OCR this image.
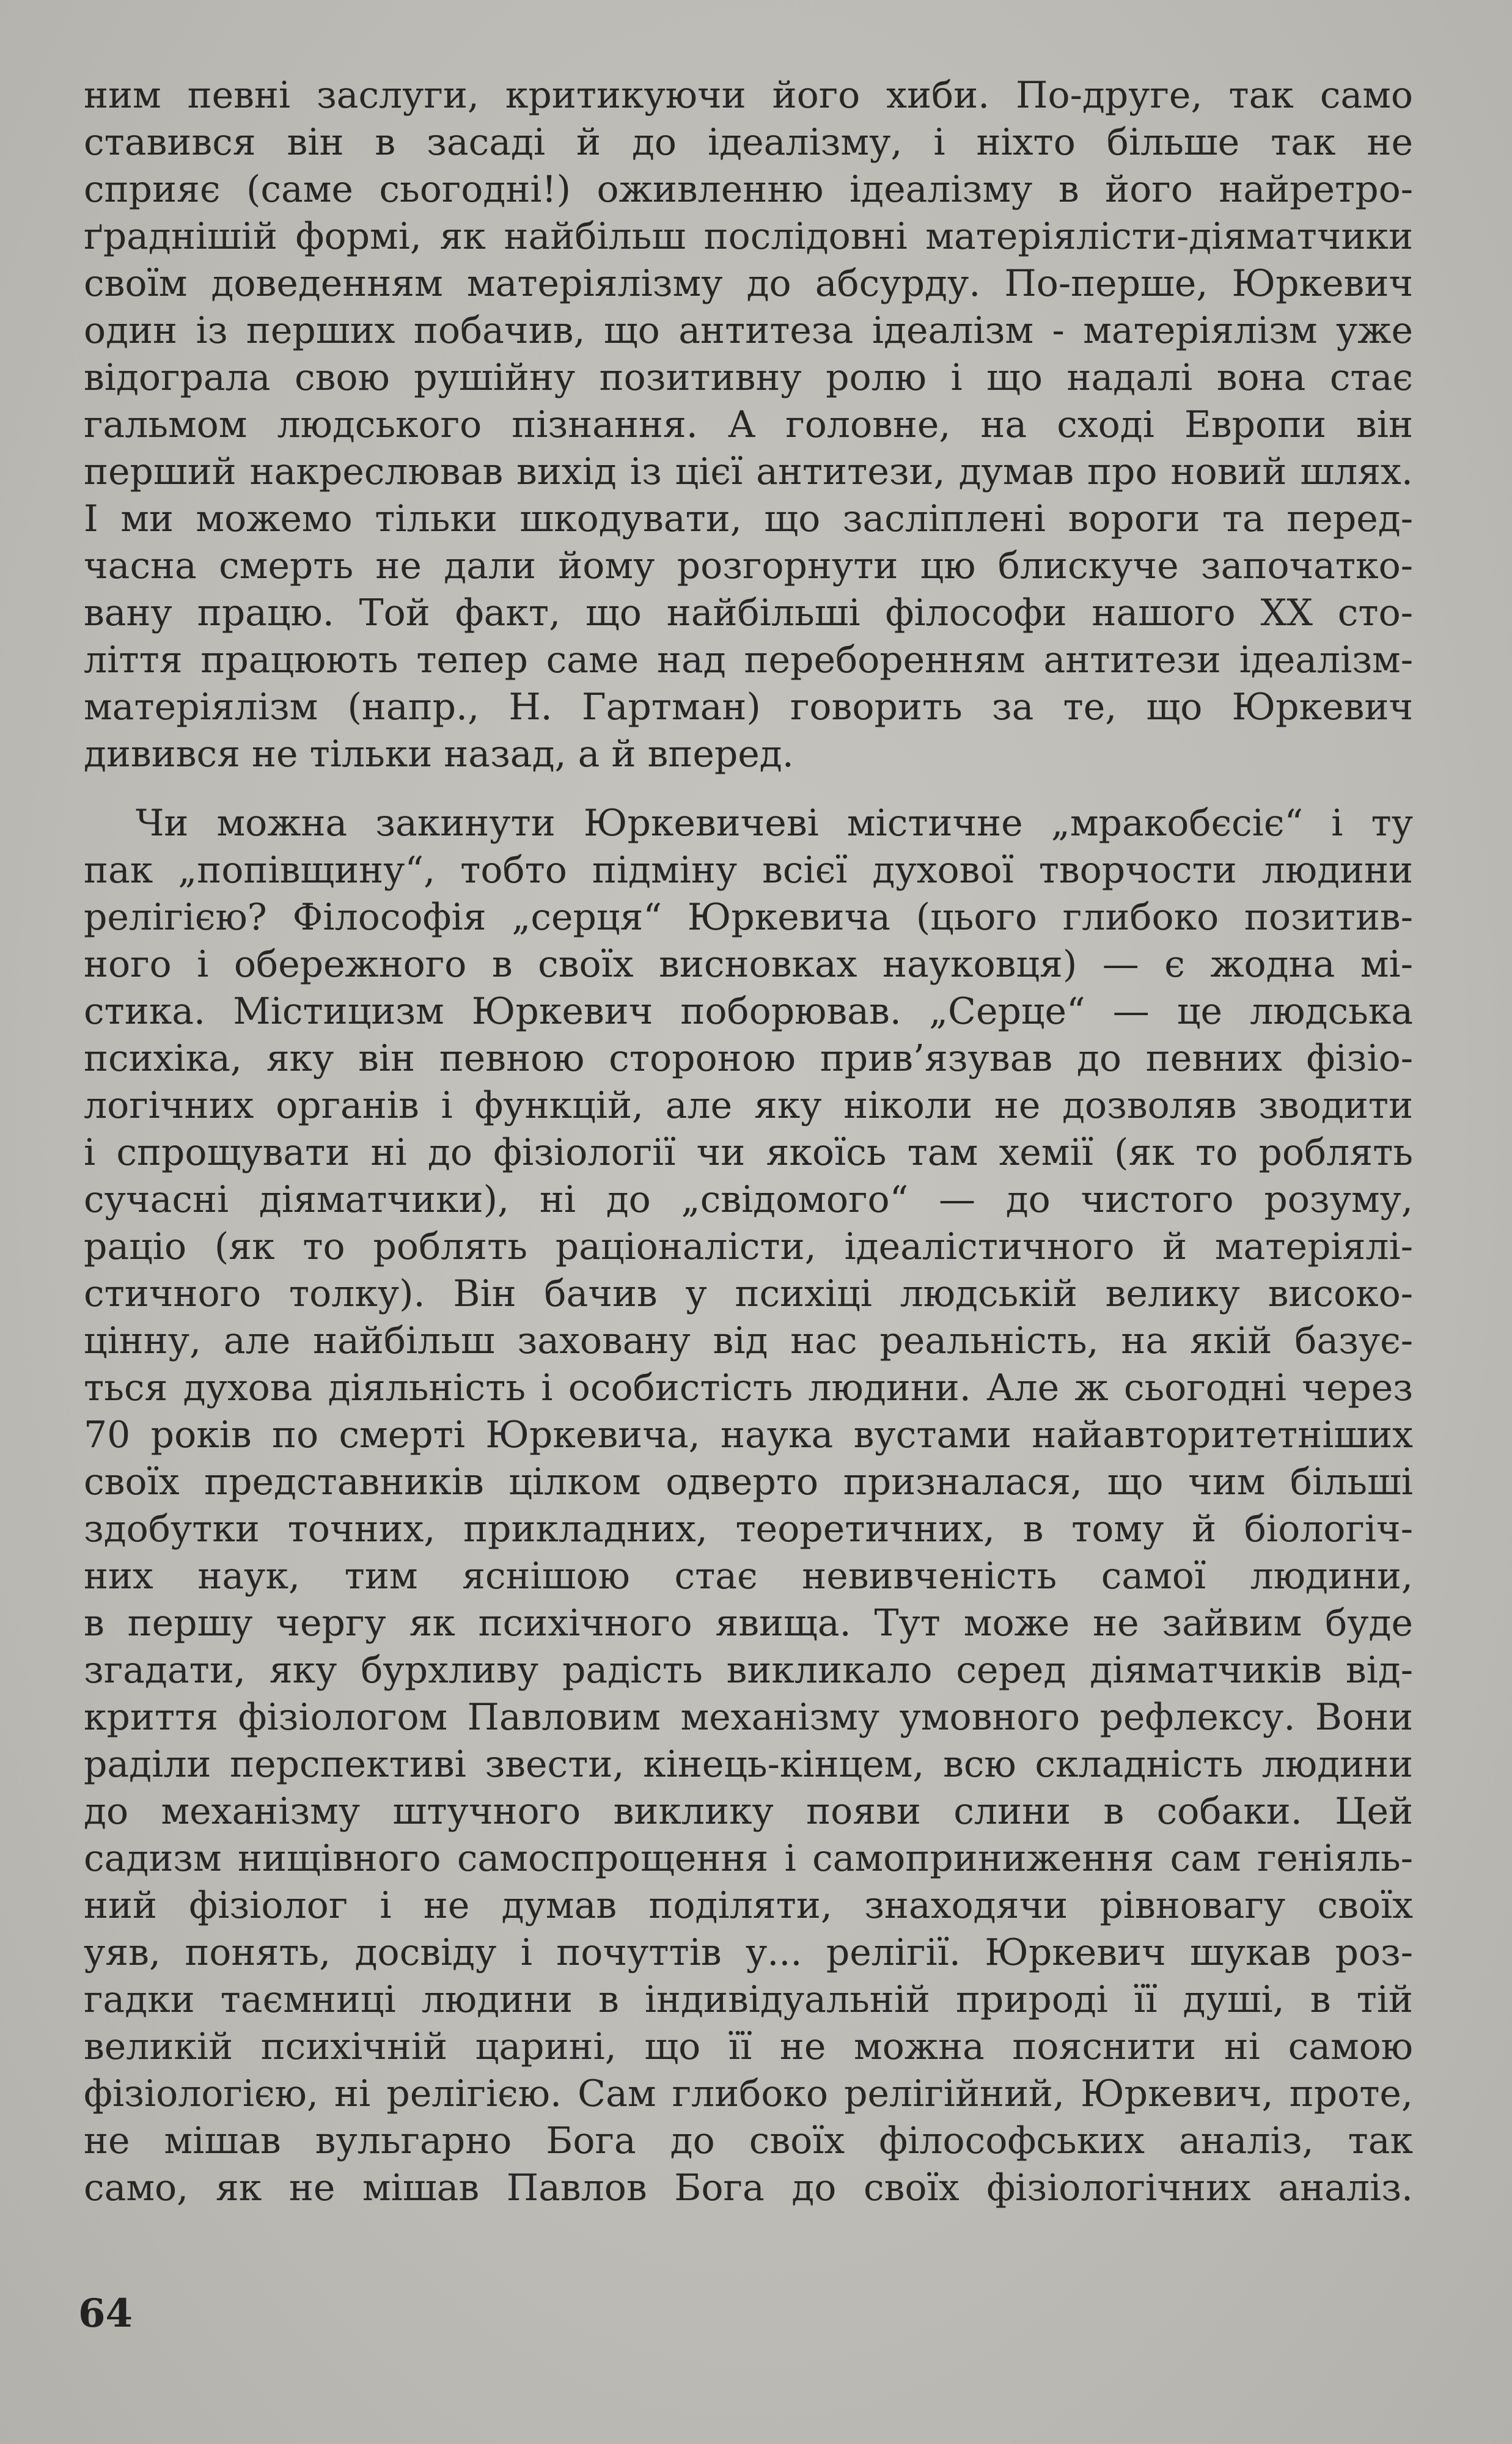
ним певні заслуги, критикуючи його хиби. По-друге, так само
ставився він в засаді й до ідеалізму, і ніхто більше так не
сприяє (саме сьогодні!) оживленню ідеалізму в його найретро-
ґраднішій формі, як найбільш послідовні матеріялісти-діяматчики
своїм доведенням матеріялізму до абсурду. По-перше, Юркевич
один із перших побачив, що антитеза ідеалізм - матеріялізм уже
відограла свою рушійну позитивну ролю і що надалі вона стає
гальмом людського пізнання. А головне, на сході Европи він
перший накреслював вихід із цієї антитези, думав про новий шлях.
І ми можемо тільки шкодувати, що засліплені вороги та перед-
часна смерть не дали йому розгорнути цю блискуче започатко-
вану працю. Той факт, що найбільші філософи нашого XX сто-
ліття працюють тепер саме над переборенням антитези ідеалізм-
матеріялізм (напр., Н. Гартман) говорить за те, що Юркевич
дивився не тільки назад, а й вперед.
Чи можна закинути Юркевичеві містичне „мракобєсіє“ і ту
пак „попівщину“, тобто підміну всієї духової творчости людини
релігією? Філософія „серця“ Юркевича (цього глибоко позитив-
ного і обережного в своїх висновках науковця) — є жодна мі-
стика. Містицизм Юркевич поборював. „Серце“ — це людська
психіка, яку він певною стороною прив’язував до певних фізіо-
логічних органів і функцій, але яку ніколи не дозволяв зводити
і спрощувати ні до фізіології чи якоїсь там хемії (як то роблять
сучасні діяматчики), ні до „свідомого“ — до чистого розуму,
раціо (як то роблять раціоналісти, ідеалістичного й матеріялі-
стичного толку). Він бачив у психіці людській велику високо-
цінну, але найбільш заховану від нас реальність, на якій базує-
ться духова діяльність і особистість людини. Але ж сьогодні через
70 років по смерті Юркевича, наука вустами найавторитетніших
своїх представників цілком одверто призналася, що чим більші
здобутки точних, прикладних, теоретичних, в тому й біологіч-
них наук, тим яснішою стає невивченість самої людини,
в першу чергу як психічного явища. Тут може не зайвим буде
згадати, яку бурхливу радість викликало серед діяматчиків від-
криття фізіологом Павловим механізму умовного рефлексу. Вони
раділи перспективі звести, кінець-кінцем, всю складність людини
до механізму штучного виклику появи слини в собаки. Цей
садизм нищівного самоспрощення і самоприниження сам геніяль-
ний фізіолог і не думав поділяти, знаходячи рівновагу своїх
уяв, понять, досвіду і почуттів у... релігії. Юркевич шукав роз-
гадки таємниці людини в індивідуальній природі її душі, в тій
великій психічній царині, що її не можна пояснити ні самою
фізіологією, ні релігією. Сам глибоко релігійний, Юркевич, проте,
не мішав вульгарно Бога до своїх філософських аналіз, так
само, як не мішав Павлов Бога до своїх фізіологічних аналіз.
64
